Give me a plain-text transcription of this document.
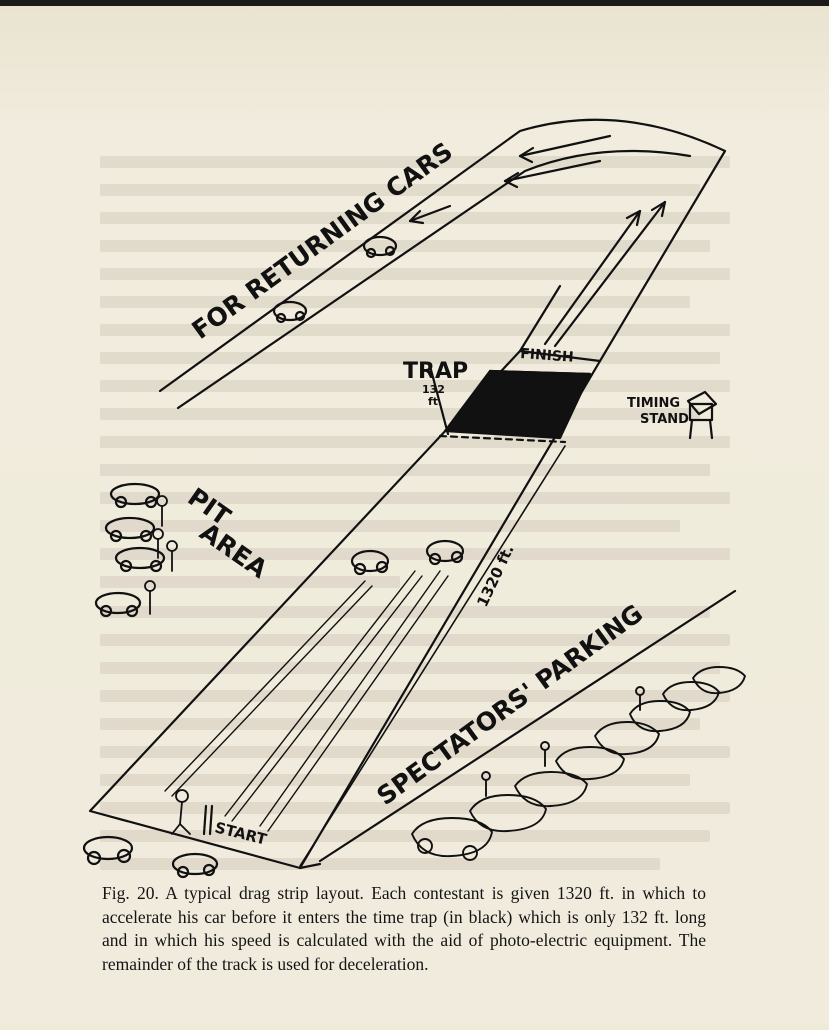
FOR RETURNING CARS
FINISH
TRAP
132
ft.	TIMING
STAND
PIT
AREA	1320 ft.
SPECTATORS' PARKING
START

Fig. 20. A typical drag strip layout. Each contestant is given 1320 ft. in which to accelerate his car before it enters the time trap (in black) which is only 132 ft. long and in which his speed is calculated with the aid of photo-electric equipment. The remainder of the track is used for deceleration.
